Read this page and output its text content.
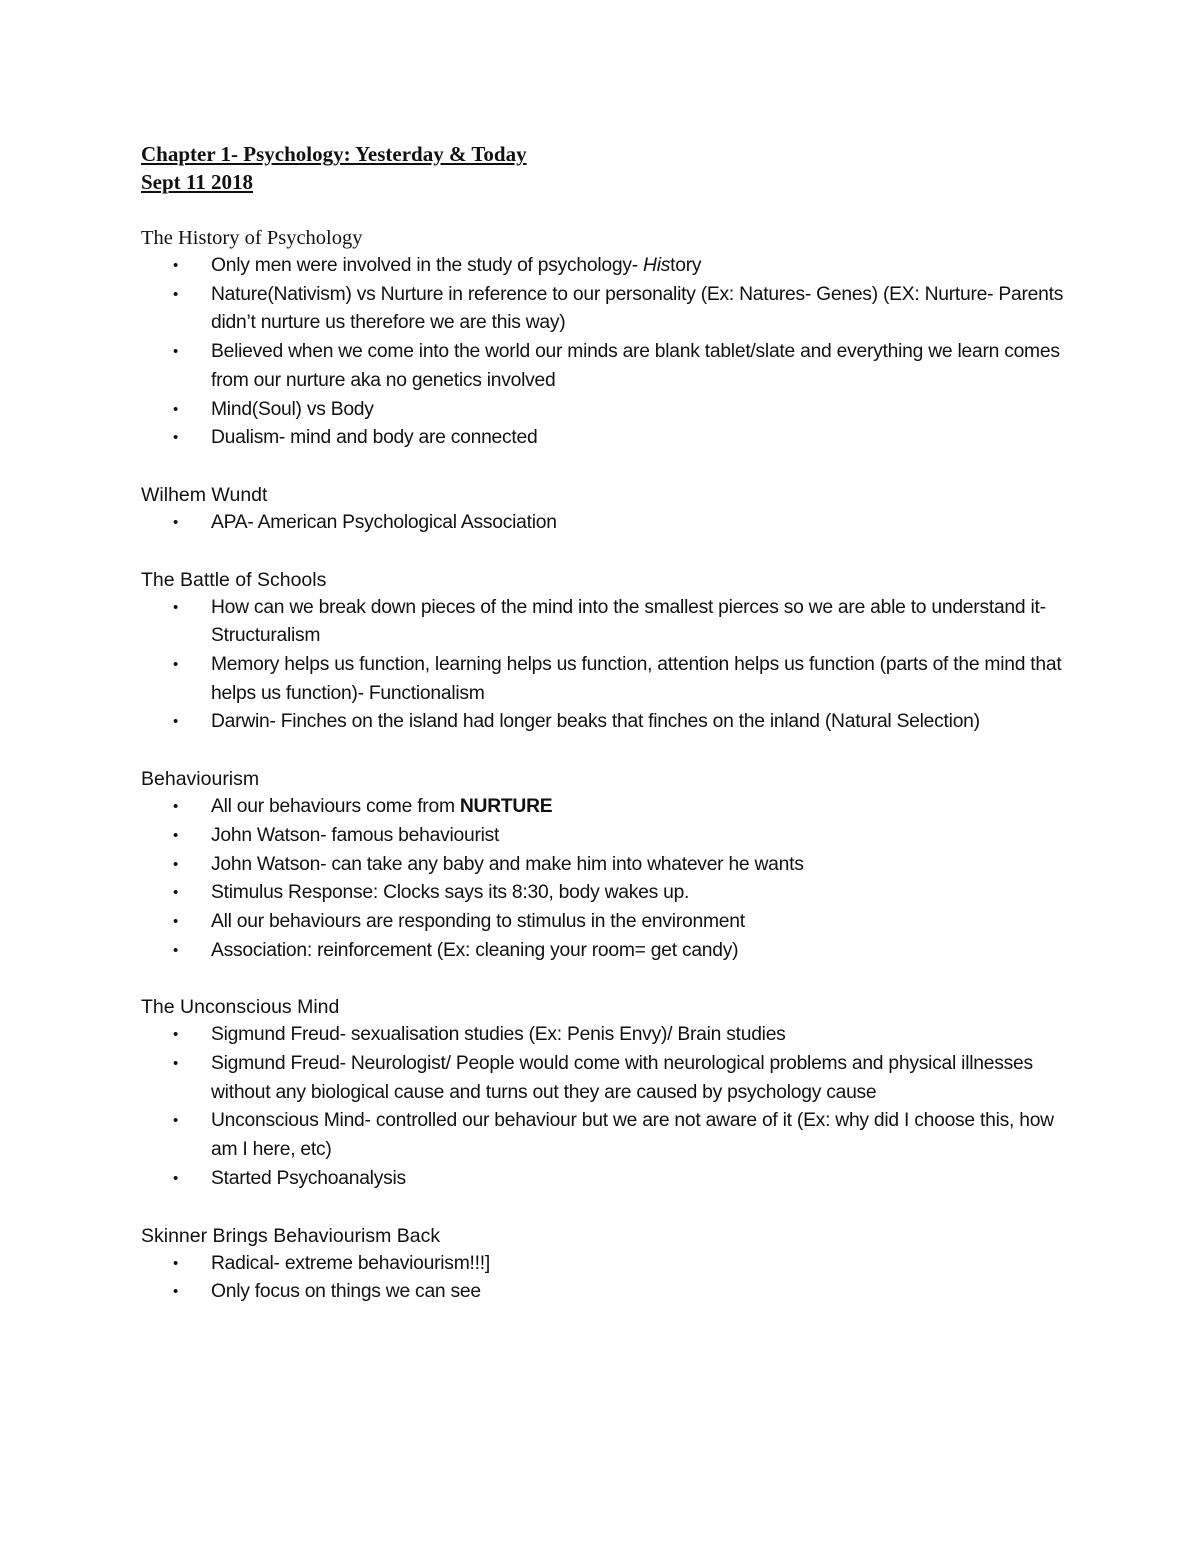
Chapter 1- Psychology: Yesterday & Today

Sept 11 2018

The History of Psychology

• Only men were involved in the study of psychology- History
• Nature(Nativism) vs Nurture in reference to our personality (Ex: Natures- Genes) (EX: Nurture- Parents didn’t nurture us therefore we are this way)
• Believed when we come into the world our minds are blank tablet/slate and everything we learn comes from our nurture aka no genetics involved
• Mind(Soul) vs Body
• Dualism- mind and body are connected

Wilhem Wundt

• APA- American Psychological Association

The Battle of Schools

• How can we break down pieces of the mind into the smallest pierces so we are able to understand it- Structuralism
• Memory helps us function, learning helps us function, attention helps us function (parts of the mind that helps us function)- Functionalism
• Darwin- Finches on the island had longer beaks that finches on the inland (Natural Selection)

Behaviourism

• All our behaviours come from NURTURE
• John Watson- famous behaviourist
• John Watson- can take any baby and make him into whatever he wants
• Stimulus Response: Clocks says its 8:30, body wakes up.
• All our behaviours are responding to stimulus in the environment
• Association: reinforcement (Ex: cleaning your room= get candy)

The Unconscious Mind

• Sigmund Freud- sexualisation studies (Ex: Penis Envy)/ Brain studies
• Sigmund Freud- Neurologist/ People would come with neurological problems and physical illnesses without any biological cause and turns out they are caused by psychology cause
• Unconscious Mind- controlled our behaviour but we are not aware of it (Ex: why did I choose this, how am I here, etc)
• Started Psychoanalysis

Skinner Brings Behaviourism Back

• Radical- extreme behaviourism!!!]
• Only focus on things we can see
